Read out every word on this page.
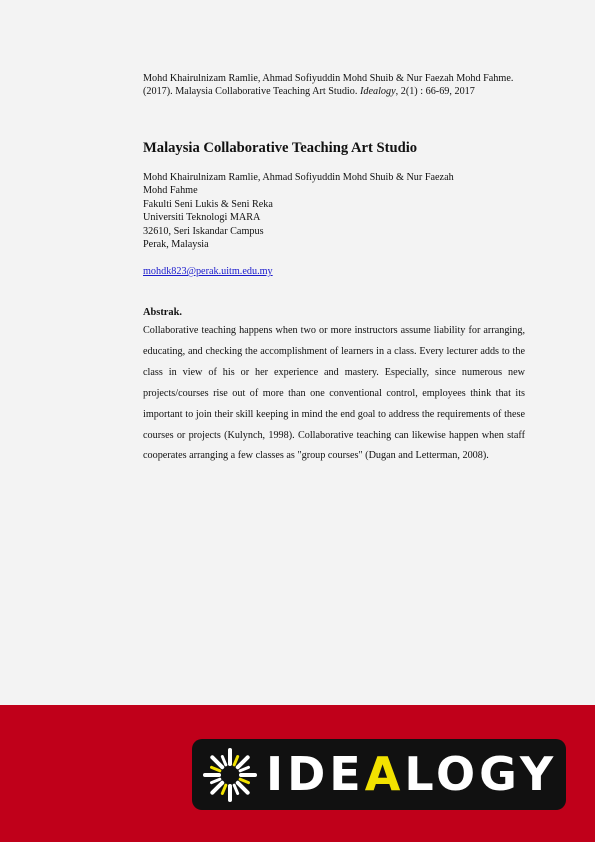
Mohd Khairulnizam Ramlie, Ahmad Sofiyuddin Mohd Shuib & Nur Faezah Mohd Fahme. (2017). Malaysia Collaborative Teaching Art Studio. Idealogy, 2(1) : 66-69, 2017
Malaysia Collaborative Teaching Art Studio
Mohd Khairulnizam Ramlie, Ahmad Sofiyuddin Mohd Shuib & Nur Faezah
Mohd Fahme
Fakulti Seni Lukis & Seni Reka
Universiti Teknologi MARA
32610, Seri Iskandar Campus
Perak, Malaysia
mohdk823@perak.uitm.edu.my
Abstrak.

Collaborative teaching happens when two or more instructors assume liability for arranging, educating, and checking the accomplishment of learners in a class. Every lecturer adds to the class in view of his or her experience and mastery. Especially, since numerous new projects/courses rise out of more than one conventional control, employees think that its important to join their skill keeping in mind the end goal to address the requirements of these courses or projects (Kulynch, 1998). Collaborative teaching can likewise happen when staff cooperates arranging a few classes as "group courses" (Dugan and Letterman, 2008).

IDEALOGY
